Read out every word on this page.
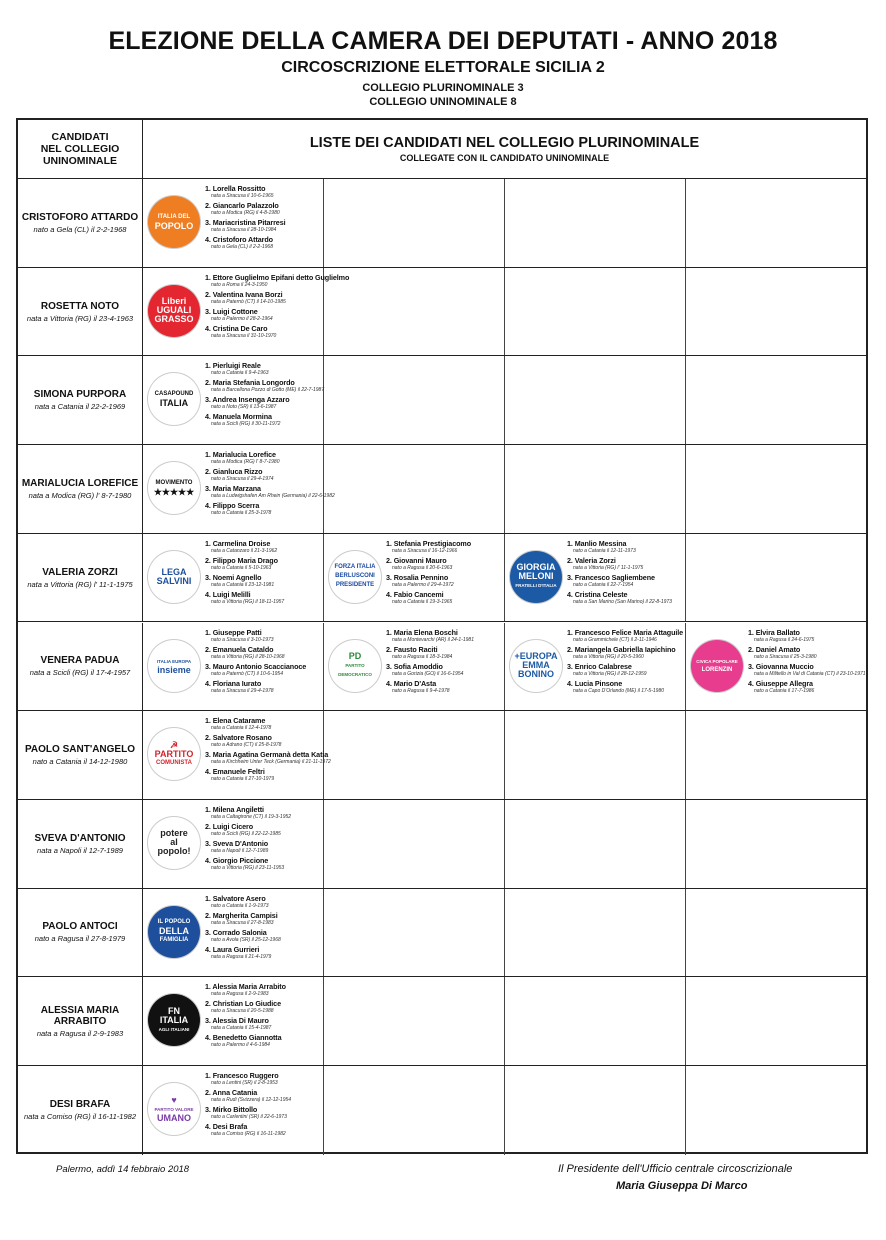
ELEZIONE DELLA CAMERA DEI DEPUTATI - ANNO 2018
CIRCOSCRIZIONE ELETTORALE SICILIA 2
COLLEGIO PLURINOMINALE 3
COLLEGIO UNINOMINALE 8
CANDIDATI
NEL COLLEGIO
UNINOMINALE
LISTE DEI CANDIDATI NEL COLLEGIO PLURINOMINALE
COLLEGATE CON IL CANDIDATO UNINOMINALE
CRISTOFORO ATTARDO
nato a Gela (CL) il 2-2-1968
ITALIA DEL
POPOLO
1. Lorella Rossitto
nata a Siracusa il 10-6-1965
2. Giancarlo Palazzolo
nato a Modica (RG) il 4-8-1980
3. Mariacristina Pitarresi
nata a Siracusa il 28-10-1984
4. Cristoforo Attardo
nato a Gela (CL) il 2-2-1968
ROSETTA NOTO
nata a Vittoria (RG) il 23-4-1963
Liberi
UGUALI
GRASSO
1. Ettore Guglielmo Epifani detto Guglielmo
nato a Roma il 24-3-1950
2. Valentina Ivana Borzi
nata a Paternò (CT) il 14-10-1985
3. Luigi Cottone
nato a Palermo il 28-2-1964
4. Cristina De Caro
nata a Siracusa il 31-10-1970
SIMONA PURPORA
nata a Catania il 22-2-1969
CASAPOUND
ITALIA
1. Pierluigi Reale
nato a Catania il 9-4-1963
2. Maria Stefania Longordo
nata a Barcellona Pozzo di Gotto (ME) il 22-7-1987
3. Andrea Insenga Azzaro
nato a Noto (SR) il 13-6-1987
4. Manuela Mormina
nata a Scicli (RG) il 30-11-1972
MARIALUCIA LOREFICE
nata a Modica (RG) l' 8-7-1980
MOVIMENTO
★★★★★
1. Marialucia Lorefice
nata a Modica (RG) l' 8-7-1980
2. Gianluca Rizzo
nato a Siracusa il 29-4-1974
3. Maria Marzana
nata a Ludwigshafen Am Rhein (Germania) il 22-6-1982
4. Filippo Scerra
nato a Catania il 25-3-1978
VALERIA ZORZI
nata a Vittoria (RG) l' 11-1-1975
LEGA
SALVINI
1. Carmelina Droise
nata a Catanzaro il 21-3-1962
2. Filippo Maria Drago
nato a Catania il 5-10-1963
3. Noemi Agnello
nata a Catania il 23-12-1981
4. Luigi Melilli
nato a Vittoria (RG) il 18-11-1957
FORZA ITALIA
BERLUSCONI
PRESIDENTE
1. Stefania Prestigiacomo
nata a Siracusa il 16-12-1966
2. Giovanni Mauro
nato a Ragusa il 20-6-1963
3. Rosalia Pennino
nata a Palermo il 29-4-1972
4. Fabio Cancemi
nato a Catania il 19-3-1965
GIORGIA
MELONI
FRATELLI D'ITALIA
1. Manlio Messina
nato a Catania il 12-11-1973
2. Valeria Zorzi
nata a Vittoria (RG) l' 11-1-1975
3. Francesco Sagliembene
nato a Catania il 22-7-1954
4. Cristina Celeste
nata a San Marino (San Marino) il 22-8-1973
VENERA PADUA
nata a Scicli (RG) il 17-4-1957
ITALIA EUROPA
insieme
1. Giuseppe Patti
nato a Siracusa il 3-10-1973
2. Emanuela Cataldo
nata a Vittoria (RG) il 28-10-1968
3. Mauro Antonio Scaccianoce
nato a Paternò (CT) il 10-6-1954
4. Floriana Iurato
nata a Siracusa il 29-4-1978
PD
PARTITO DEMOCRATICO
1. Maria Elena Boschi
nata a Montevarchi (AR) il 24-1-1981
2. Fausto Raciti
nato a Ragusa il 18-3-1984
3. Sofia Amoddio
nata a Gorizia (GO) il 16-6-1954
4. Mario D'Asta
nato a Ragusa il 9-4-1978
+EUROPA
EMMA
BONINO
1. Francesco Felice Maria Attaguile
nato a Grammichele (CT) il 2-11-1946
2. Mariangela Gabriella Iapichino
nata a Vittoria (RG) il 20-5-1960
3. Enrico Calabrese
nato a Vittoria (RG) il 28-12-1959
4. Lucia Pinsone
nata a Capo D'Orlando (ME) il 17-5-1980
CIVICA POPOLARE
LORENZIN
1. Elvira Ballato
nata a Ragusa il 24-6-1975
2. Daniel Amato
nato a Siracusa il 25-3-1980
3. Giovanna Muccio
nata a Militello in Val di Catania (CT) il 23-10-1971
4. Giuseppe Allegra
nato a Catania il 17-7-1986
PAOLO SANT'ANGELO
nato a Catania il 14-12-1980
☭
PARTITO
COMUNISTA
1. Elena Catarame
nata a Catania il 12-4-1978
2. Salvatore Rosano
nato a Adrano (CT) il 25-8-1978
3. Maria Agatina Germanà detta Katia
nata a Kirchheim Unter Teck (Germania) il 21-11-1972
4. Emanuele Feltri
nato a Catania il 27-10-1979
SVEVA D'ANTONIO
nata a Napoli il 12-7-1989
potere
al
popolo!
1. Milena Angiletti
nata a Caltagirone (CT) il 19-3-1952
2. Luigi Cicero
nato a Scicli (RG) il 22-12-1985
3. Sveva D'Antonio
nata a Napoli il 12-7-1989
4. Giorgio Piccione
nato a Vittoria (RG) il 23-11-1953
PAOLO ANTOCI
nato a Ragusa il 27-8-1979
IL POPOLO
DELLA
FAMIGLIA
1. Salvatore Asero
nato a Catania il 1-9-1973
2. Margherita Campisi
nata a Siracusa il 27-8-1983
3. Corrado Salonia
nato a Avola (SR) il 25-12-1968
4. Laura Gurrieri
nata a Ragusa il 21-4-1979
ALESSIA MARIA ARRABITO
nata a Ragusa il 2-9-1983
FN
ITALIA
AGLI ITALIANI
1. Alessia Maria Arrabito
nata a Ragusa il 2-9-1983
2. Christian Lo Giudice
nato a Siracusa il 20-5-1988
3. Alessia Di Mauro
nata a Catania il 15-4-1987
4. Benedetto Giannotta
nato a Palermo il 4-6-1984
DESI BRAFA
nata a Comiso (RG) il 16-11-1982
♥
PARTITO VALORE
UMANO
1. Francesco Ruggero
nato a Lentini (SR) il 2-8-1953
2. Anna Catania
nata a Rudi (Svizzera) il 12-12-1954
3. Mirko Bittollo
nato a Carlentini (SR) il 22-6-1973
4. Desi Brafa
nata a Comiso (RG) il 16-11-1982
Palermo, addì 14 febbraio 2018	Il Presidente dell'Ufficio centrale circoscrizionale
Maria Giuseppa Di Marco
